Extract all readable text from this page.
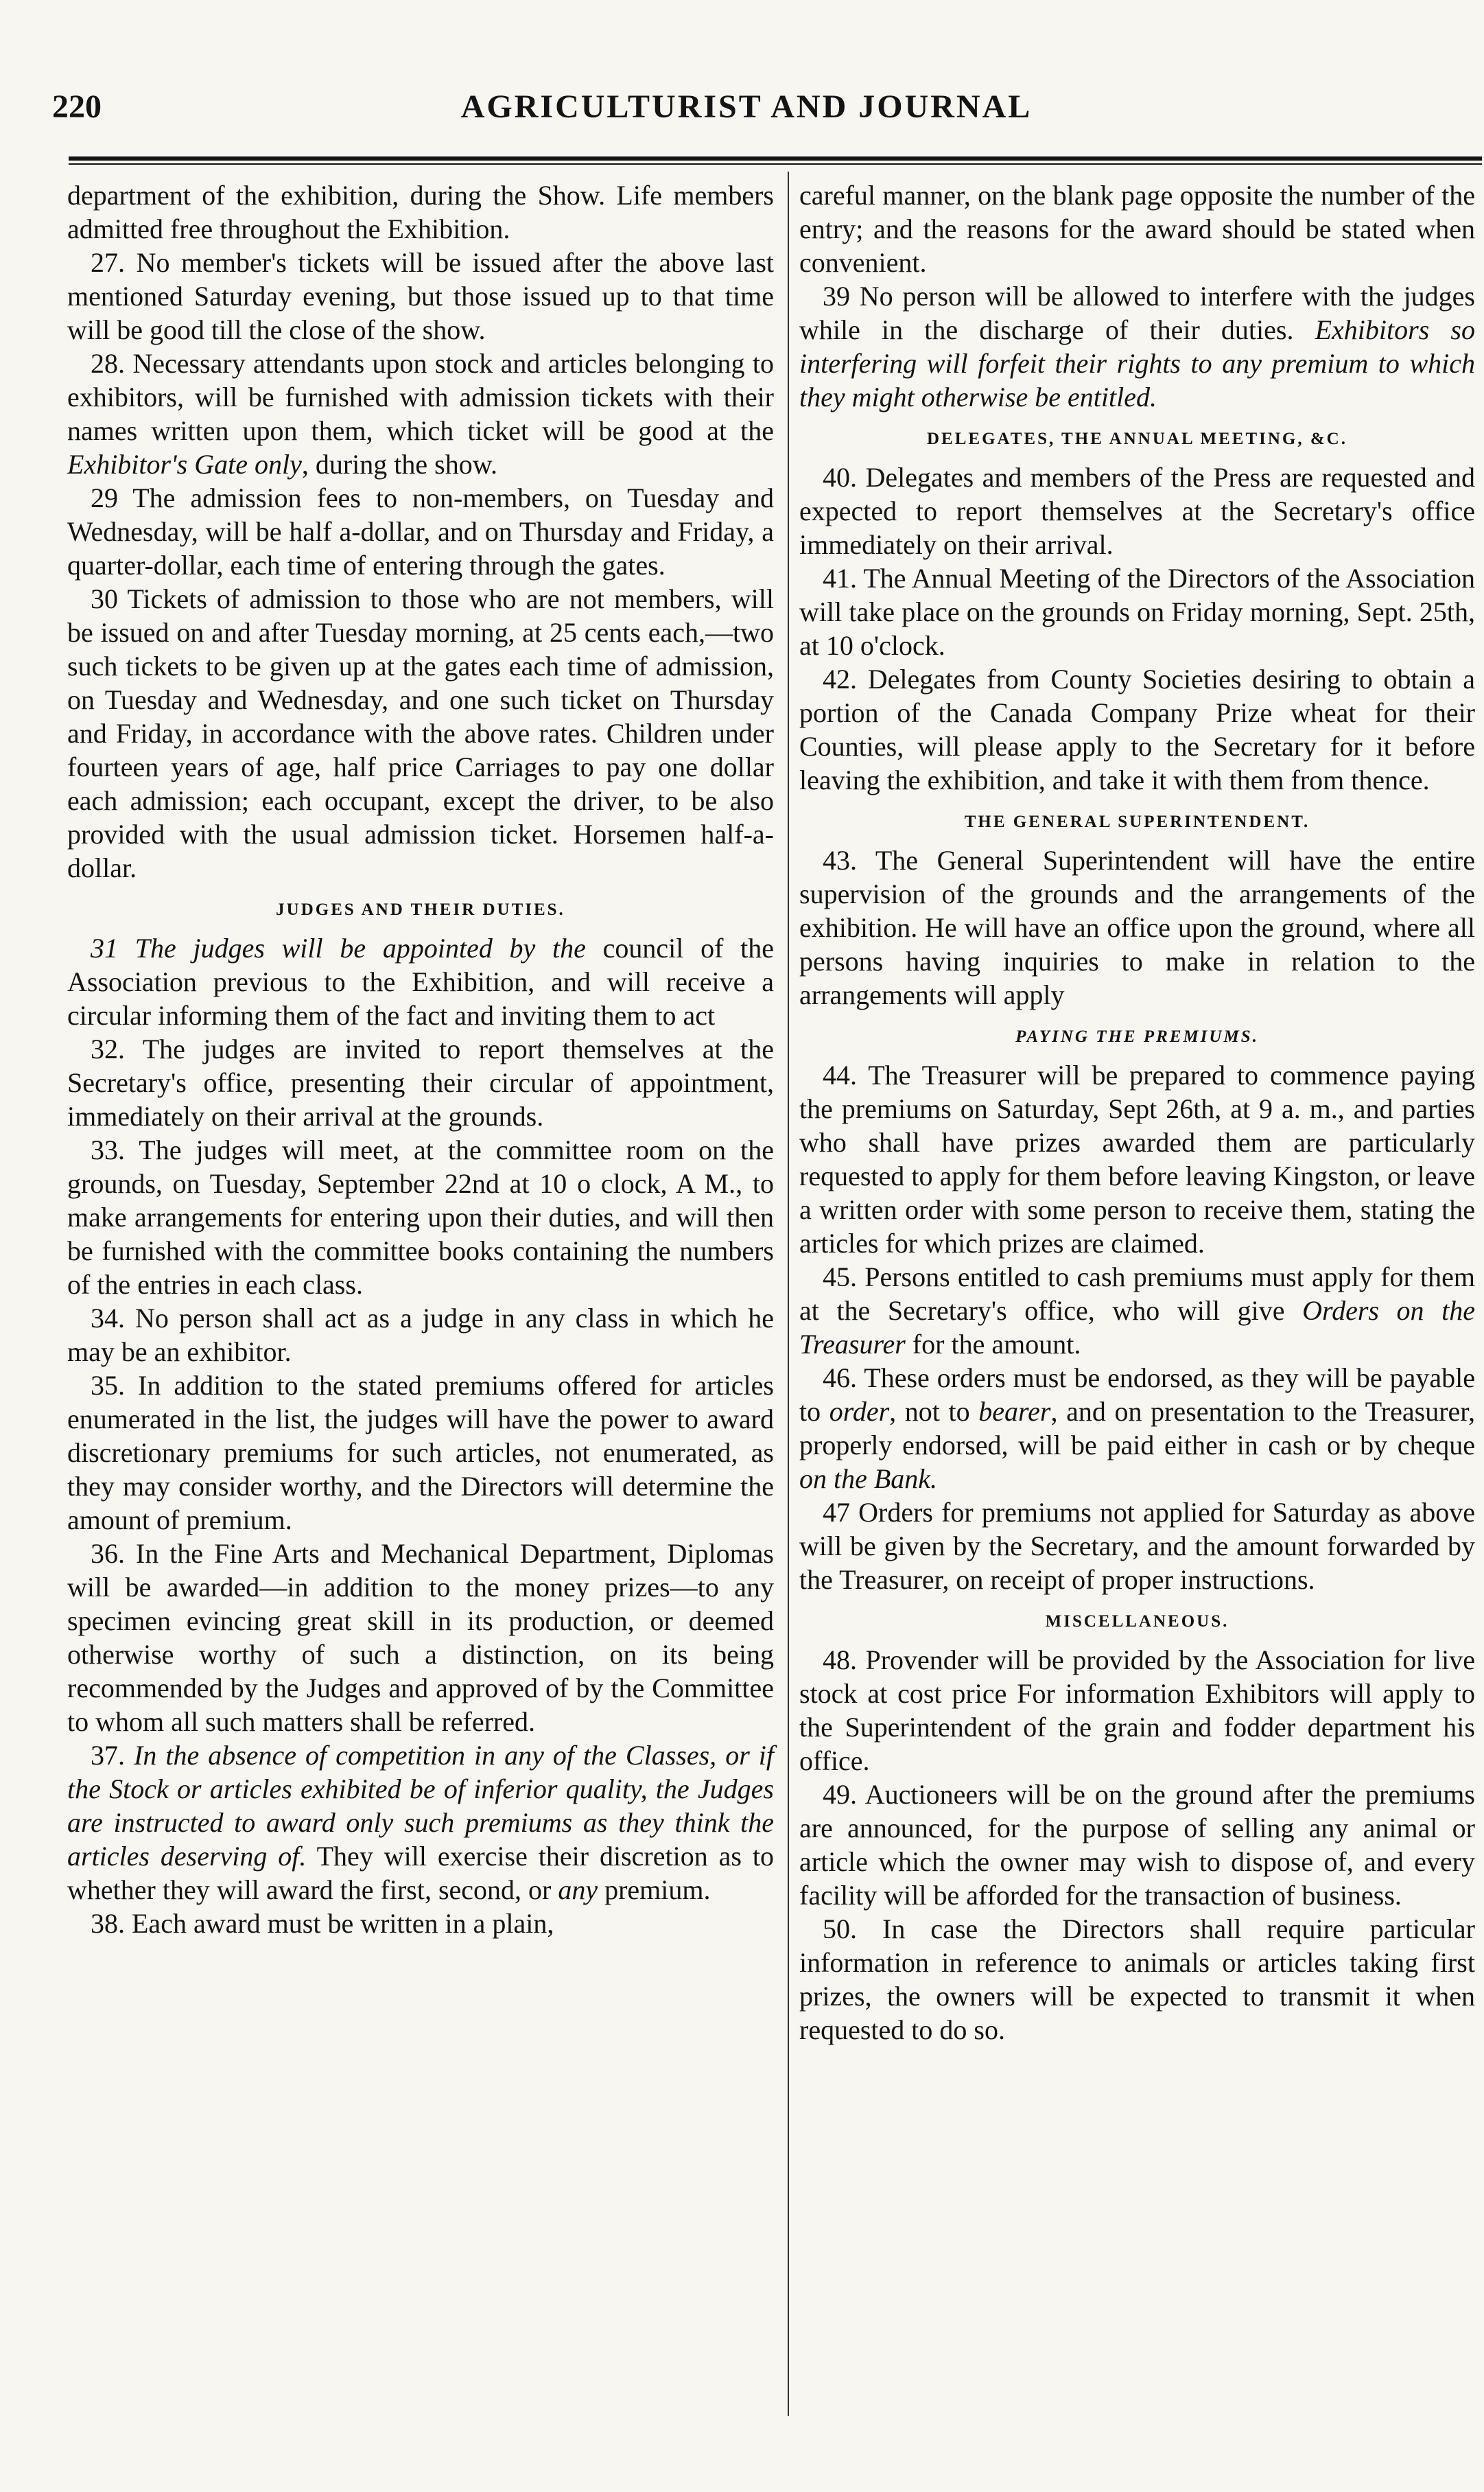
220	AGRICULTURIST AND JOURNAL

department of the exhibition, during the Show. Life members admitted free throughout the Exhibition.

27. No member's tickets will be issued after the above last mentioned Saturday evening, but those issued up to that time will be good till the close of the show.

28. Necessary attendants upon stock and articles belonging to exhibitors, will be furnished with admission tickets with their names written upon them, which ticket will be good at the Exhibitor's Gate only, during the show.

29 The admission fees to non-members, on Tuesday and Wednesday, will be half a-dollar, and on Thursday and Friday, a quarter-dollar, each time of entering through the gates.

30 Tickets of admission to those who are not members, will be issued on and after Tuesday morning, at 25 cents each,—two such tickets to be given up at the gates each time of admission, on Tuesday and Wednesday, and one such ticket on Thursday and Friday, in accordance with the above rates. Children under fourteen years of age, half price Carriages to pay one dollar each admission; each occupant, except the driver, to be also provided with the usual admission ticket. Horsemen half-a-dollar.

JUDGES AND THEIR DUTIES.

31 The judges will be appointed by the council of the Association previous to the Exhibition, and will receive a circular informing them of the fact and inviting them to act

32. The judges are invited to report themselves at the Secretary's office, presenting their circular of appointment, immediately on their arrival at the grounds.

33. The judges will meet, at the committee room on the grounds, on Tuesday, September 22nd at 10 o clock, A M., to make arrangements for entering upon their duties, and will then be furnished with the committee books containing the numbers of the entries in each class.

34. No person shall act as a judge in any class in which he may be an exhibitor.

35. In addition to the stated premiums offered for articles enumerated in the list, the judges will have the power to award discretionary premiums for such articles, not enumerated, as they may consider worthy, and the Directors will determine the amount of premium.

36. In the Fine Arts and Mechanical Department, Diplomas will be awarded—in addition to the money prizes—to any specimen evincing great skill in its production, or deemed otherwise worthy of such a distinction, on its being recommended by the Judges and approved of by the Committee to whom all such matters shall be referred.

37. In the absence of competition in any of the Classes, or if the Stock or articles exhibited be of inferior quality, the Judges are instructed to award only such premiums as they think the articles deserving of. They will exercise their discretion as to whether they will award the first, second, or any premium.

38. Each award must be written in a plain,

careful manner, on the blank page opposite the number of the entry; and the reasons for the award should be stated when convenient.

39 No person will be allowed to interfere with the judges while in the discharge of their duties. Exhibitors so interfering will forfeit their rights to any premium to which they might otherwise be entitled.

DELEGATES, THE ANNUAL MEETING, &C.

40. Delegates and members of the Press are requested and expected to report themselves at the Secretary's office immediately on their arrival.

41. The Annual Meeting of the Directors of the Association will take place on the grounds on Friday morning, Sept. 25th, at 10 o'clock.

42. Delegates from County Societies desiring to obtain a portion of the Canada Company Prize wheat for their Counties, will please apply to the Secretary for it before leaving the exhibition, and take it with them from thence.

THE GENERAL SUPERINTENDENT.

43. The General Superintendent will have the entire supervision of the grounds and the arrangements of the exhibition. He will have an office upon the ground, where all persons having inquiries to make in relation to the arrangements will apply

PAYING THE PREMIUMS.

44. The Treasurer will be prepared to commence paying the premiums on Saturday, Sept 26th, at 9 a. m., and parties who shall have prizes awarded them are particularly requested to apply for them before leaving Kingston, or leave a written order with some person to receive them, stating the articles for which prizes are claimed.

45. Persons entitled to cash premiums must apply for them at the Secretary's office, who will give Orders on the Treasurer for the amount.

46. These orders must be endorsed, as they will be payable to order, not to bearer, and on presentation to the Treasurer, properly endorsed, will be paid either in cash or by cheque on the Bank.

47 Orders for premiums not applied for Saturday as above will be given by the Secretary, and the amount forwarded by the Treasurer, on receipt of proper instructions.

MISCELLANEOUS.

48. Provender will be provided by the Association for live stock at cost price For information Exhibitors will apply to the Superintendent of the grain and fodder department his office.

49. Auctioneers will be on the ground after the premiums are announced, for the purpose of selling any animal or article which the owner may wish to dispose of, and every facility will be afforded for the transaction of business.

50. In case the Directors shall require particular information in reference to animals or articles taking first prizes, the owners will be expected to transmit it when requested to do so.
